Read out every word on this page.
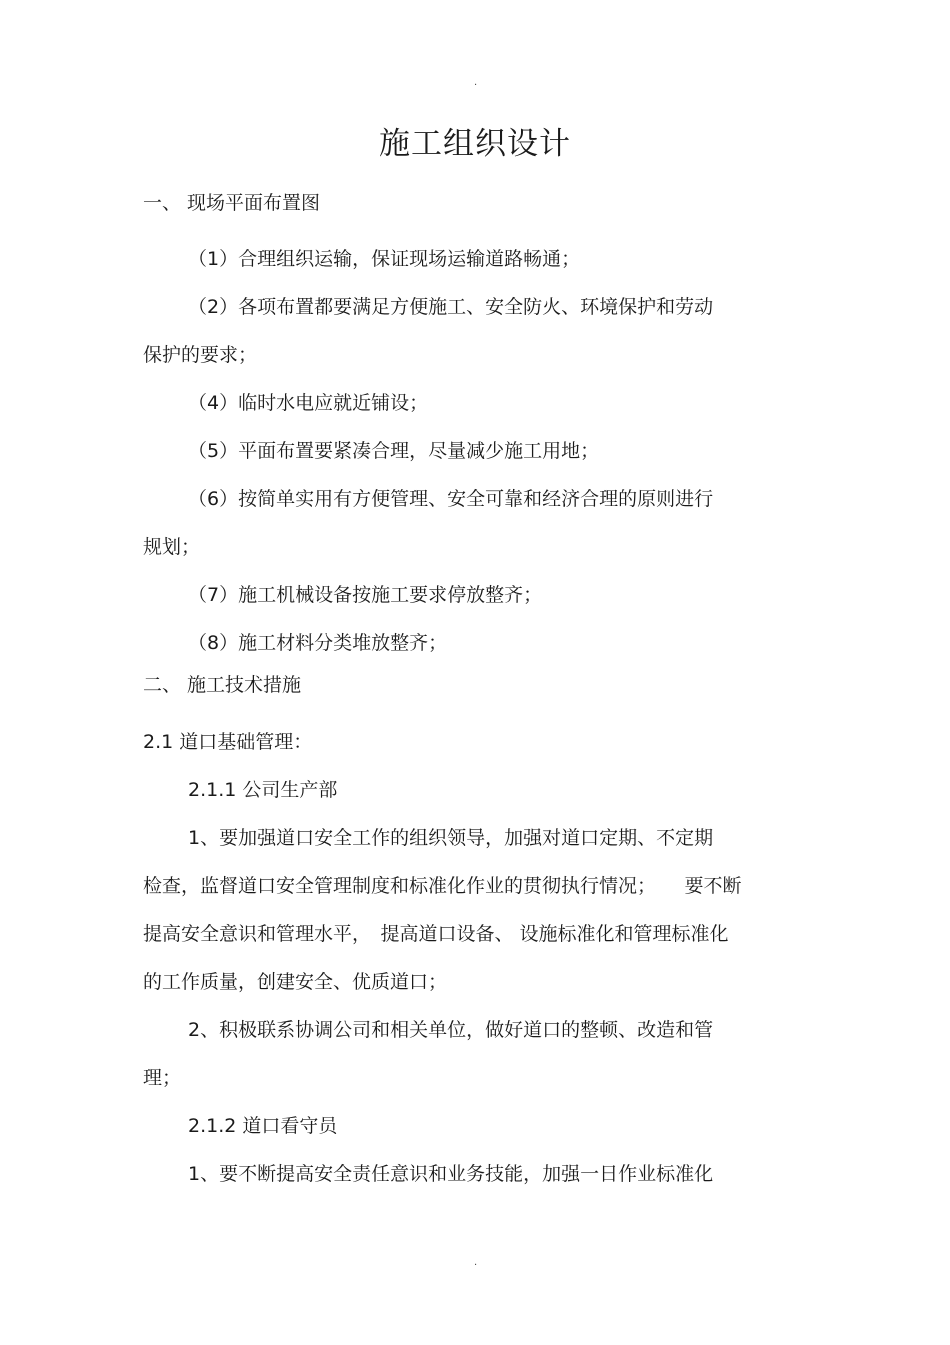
.
施工组织设计
一、 现场平面布置图
（1）合理组织运输，保证现场运输道路畅通；
（2）各项布置都要满足方便施工、安全防火、环境保护和劳动
保护的要求；
（4）临时水电应就近铺设；
（5）平面布置要紧凑合理，尽量减少施工用地；
（6）按简单实用有方便管理、安全可靠和经济合理的原则进行
规划；
（7）施工机械设备按施工要求停放整齐；
（8）施工材料分类堆放整齐；
二、 施工技术措施
2.1 道口基础管理：
2.1.1 公司生产部
1、要加强道口安全工作的组织领导，加强对道口定期、不定期
检查，监督道口安全管理制度和标准化作业的贯彻执行情况；　　要不断
提高安全意识和管理水平，　提高道口设备、 设施标准化和管理标准化
的工作质量，创建安全、优质道口；
2、积极联系协调公司和相关单位，做好道口的整顿、改造和管
理；
2.1.2 道口看守员
1、要不断提高安全责任意识和业务技能，加强一日作业标准化
.
